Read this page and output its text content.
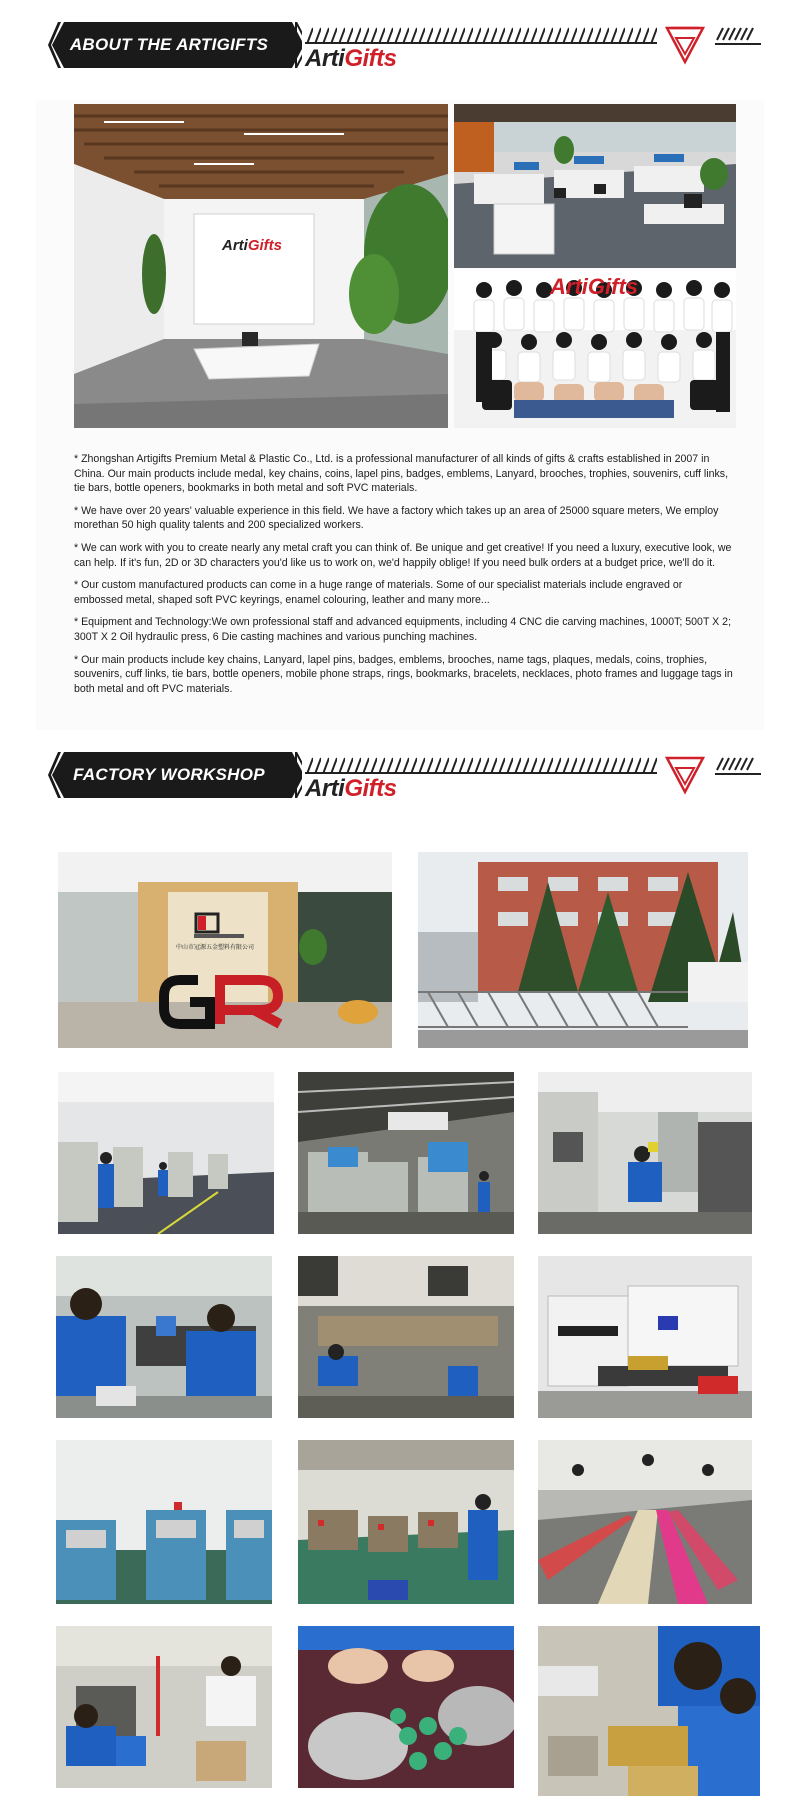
ABOUT THE ARTIGIFTS
ArtiGifts
ArtiGifts
ArtiGifts

* Zhongshan Artigifts Premium Metal & Plastic Co., Ltd. is a professional manufacturer of all kinds of gifts & crafts established in 2007 in China. Our main products include medal, key chains, coins, lapel pins, badges, emblems, Lanyard, brooches, trophies, souvenirs, cuff links, tie bars, bottle openers, bookmarks in both metal and soft PVC materials.

* We have over 20 years' valuable experience in this field. We have a factory which takes up an area of 25000 square meters, We employ morethan 50 high quality talents and 200 specialized workers.

* We can work with you to create nearly any metal craft you can think of. Be unique and get creative! If you need a luxury, executive look, we can help. If it's fun, 2D or 3D characters you'd like us to work on, we'd happily oblige! If you need bulk orders at a budget price, we'll do it.

* Our custom manufactured products can come in a huge range of materials. Some of our specialist materials include engraved or embossed metal, shaped soft PVC keyrings, enamel colouring, leather and many more...

* Equipment and Technology:We own professional staff and advanced equipments, including 4 CNC die carving machines, 1000T; 500T X 2; 300T X 2 Oil hydraulic press, 6 Die casting machines and various punching machines.

* Our main products include key chains, Lanyard, lapel pins, badges, emblems, brooches, name tags, plaques, medals, coins, trophies, souvenirs, cuff links, tie bars, bottle openers, mobile phone straps, rings, bookmarks, bracelets, necklaces, photo frames and luggage tags in both metal and oft PVC materials.

FACTORY WORKSHOP
ArtiGifts
中山市冠源五金塑料有限公司
